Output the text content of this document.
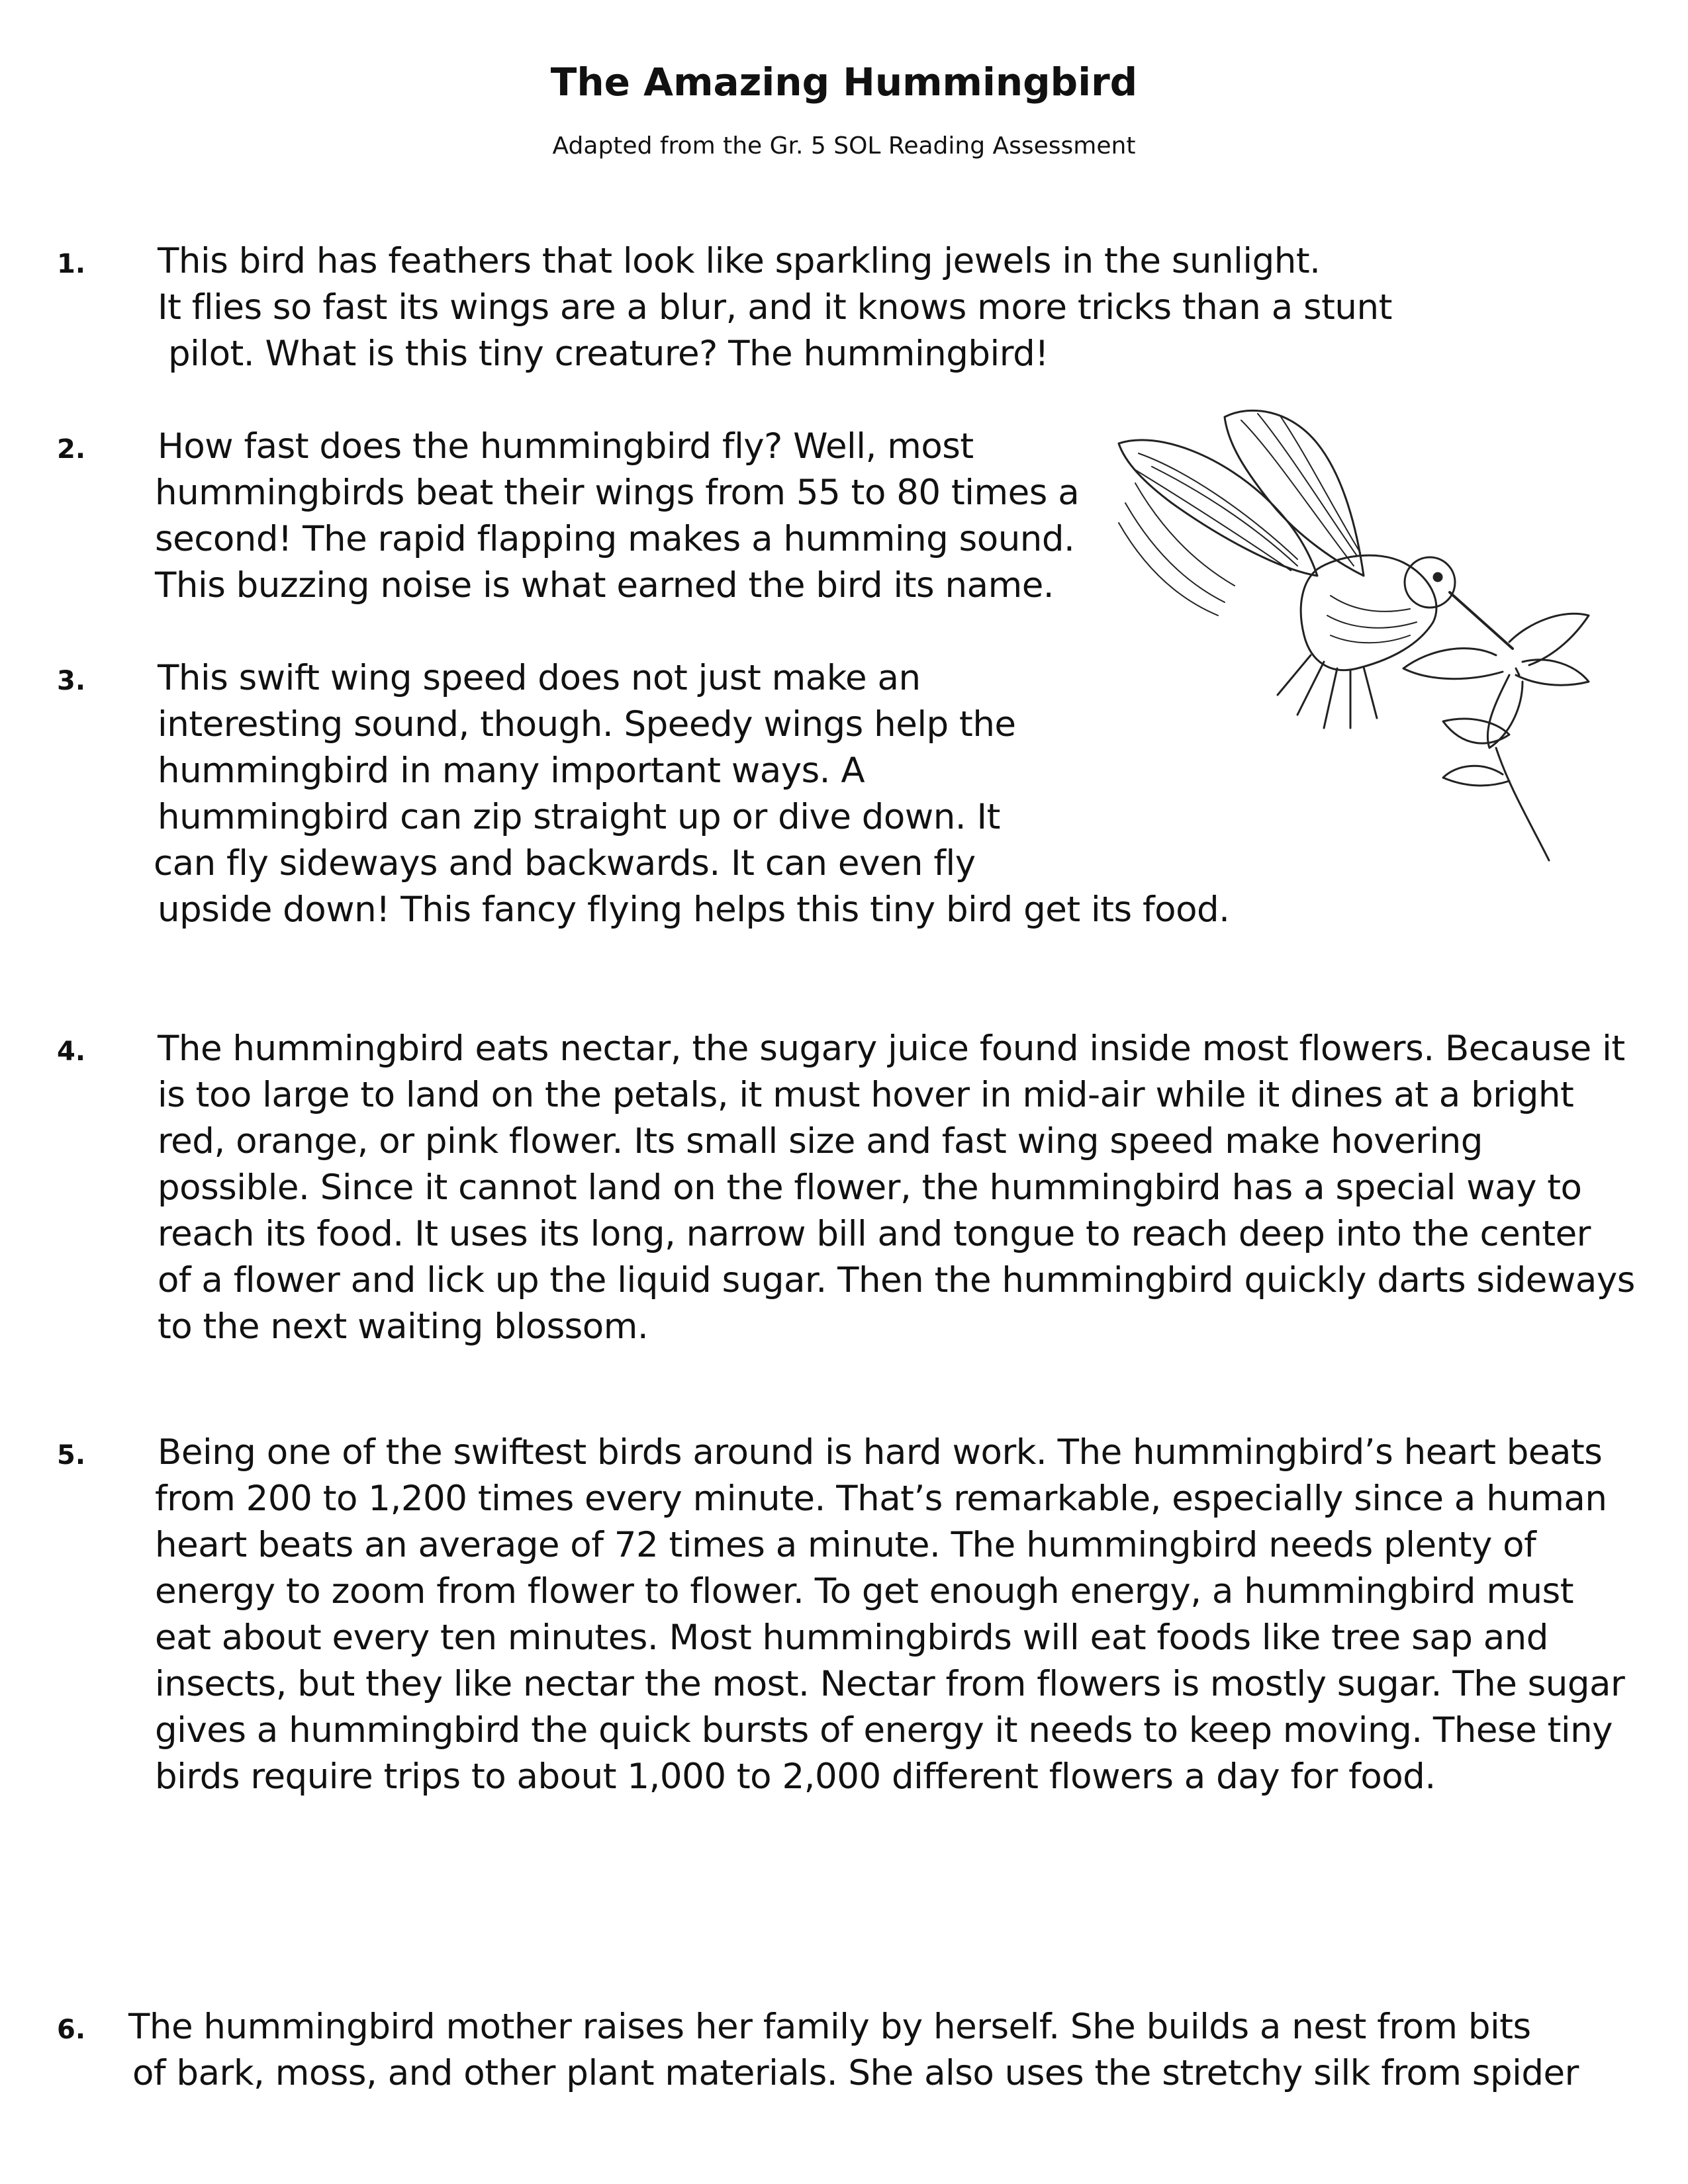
The Amazing Hummingbird
Adapted from the Gr. 5 SOL Reading Assessment
1. This bird has feathers that look like sparkling jewels in the sunlight.
It flies so fast its wings are a blur, and it knows more tricks than a stunt
pilot. What is this tiny creature? The hummingbird!
2. How fast does the hummingbird fly? Well, most
hummingbirds beat their wings from 55 to 80 times a
second! The rapid flapping makes a humming sound.
This buzzing noise is what earned the bird its name.
3. This swift wing speed does not just make an
interesting sound, though. Speedy wings help the
hummingbird in many important ways. A
hummingbird can zip straight up or dive down. It
can fly sideways and backwards. It can even fly
upside down! This fancy flying helps this tiny bird get its food.
4. The hummingbird eats nectar, the sugary juice found inside most flowers. Because it
is too large to land on the petals, it must hover in mid-air while it dines at a bright
red, orange, or pink flower. Its small size and fast wing speed make hovering
possible. Since it cannot land on the flower, the hummingbird has a special way to
reach its food. It uses its long, narrow bill and tongue to reach deep into the center
of a flower and lick up the liquid sugar. Then the hummingbird quickly darts sideways
to the next waiting blossom.
5. Being one of the swiftest birds around is hard work. The hummingbird’s heart beats
from 200 to 1,200 times every minute. That’s remarkable, especially since a human
heart beats an average of 72 times a minute. The hummingbird needs plenty of
energy to zoom from flower to flower. To get enough energy, a hummingbird must
eat about every ten minutes. Most hummingbirds will eat foods like tree sap and
insects, but they like nectar the most. Nectar from flowers is mostly sugar. The sugar
gives a hummingbird the quick bursts of energy it needs to keep moving. These tiny
birds require trips to about 1,000 to 2,000 different flowers a day for food.
6. The hummingbird mother raises her family by herself. She builds a nest from bits
of bark, moss, and other plant materials. She also uses the stretchy silk from spider
